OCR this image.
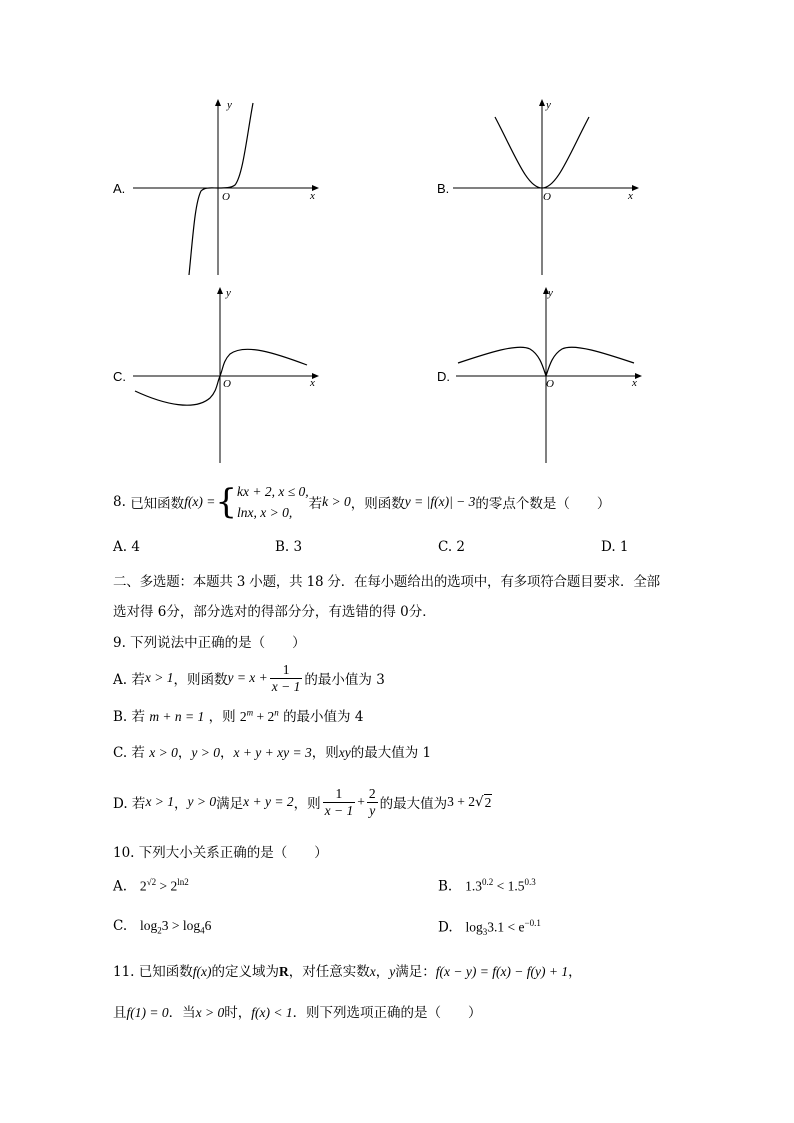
A.
y
x
O
B.
y
x
O
C.
y
x
O	D.
y
x
O
8.
已知函数 f(x) = { kx + 2, x ≤ 0,
lnx, x > 0,
若 k > 0 ，则函数 y = |f(x)| − 3 的零点个数是（　　）
A. 4	B. 3	C. 2	D. 1
二、多选题：本题共 3 小题，共 18 分．在每小题给出的选项中，有多项符合题目要求．全部
选对得 6分，部分选对的得部分分，有选错的得 0分．
9. 下列说法中正确的是（　　）
A. 若 x > 1 ，则函数 $y = x + \frac{1}{x - 1}$ 的最小值为 3
B. 若 m + n = 1 ，则 $2^m + 2^n$ 的最小值为 4
C. 若 x > 0，y > 0，x + y + xy = 3，则xy的最大值为 1
D. 若 x > 1 ， y > 0 满足 x + y = 2 ，则 $\frac{1}{x - 1} + \frac{2}{y}$ 的最大值为 3 + 2 √ 2
10. 下列大小关系正确的是（　　）
A. $2^{√2} > 2^{ln2}$	B. $1.3^{0.2} < 1.5^{0.3}$
C. $\log_23 > \log_46$	D. $\log_33.1 < e^{-0.1}$
11. 已知函数f(x)的定义域为R，对任意实数x，y满足：f(x − y) = f(x) − f(y) + 1，
且f(1) = 0．当x > 0时，f(x) < 1．则下列选项正确的是（　　）
